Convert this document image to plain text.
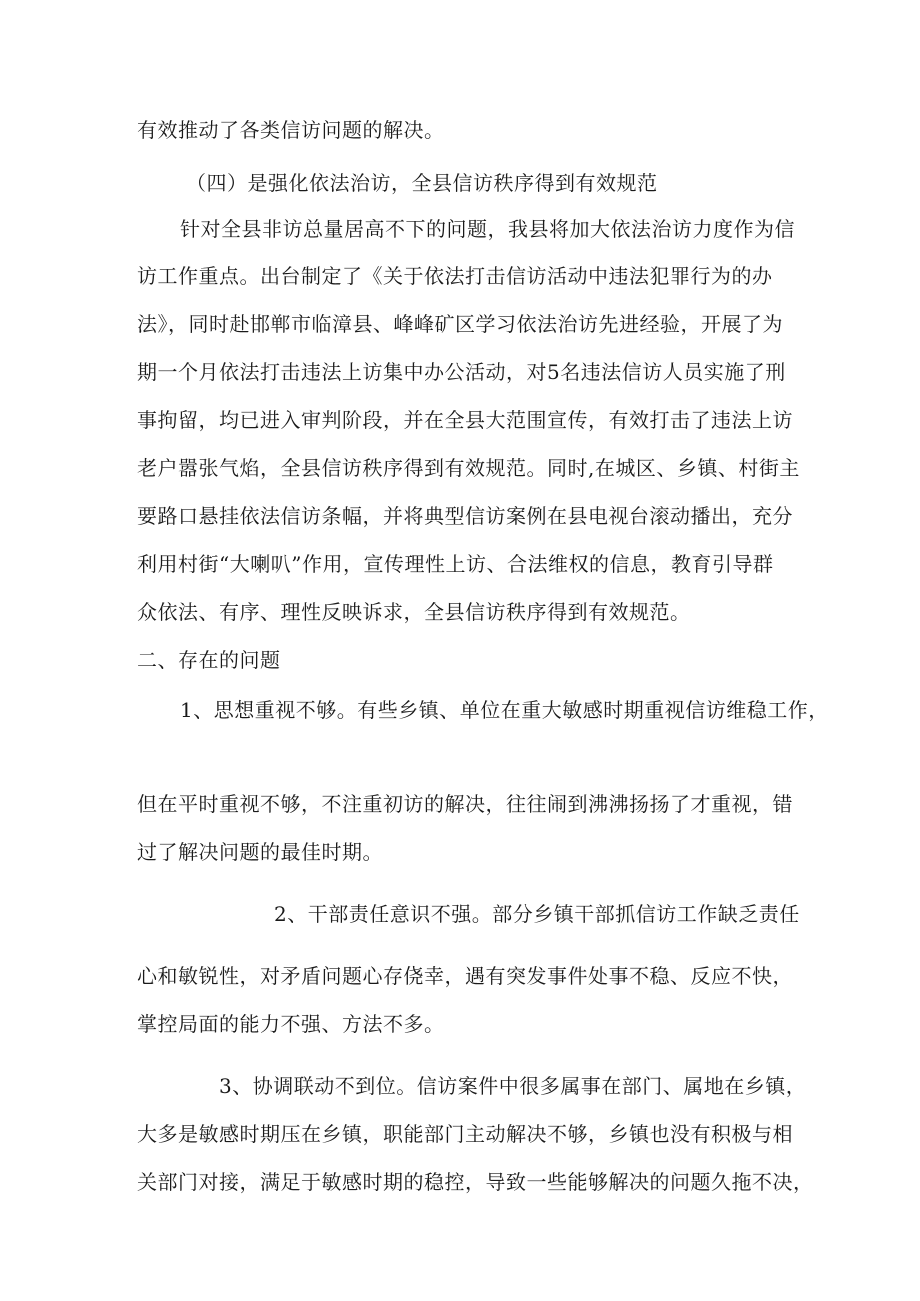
有效推动了各类信访问题的解决。
（四）是强化依法治访，全县信访秩序得到有效规范
针对全县非访总量居高不下的问题，我县将加大依法治访力度作为信
访工作重点。出台制定了《关于依法打击信访活动中违法犯罪行为的办
法》，同时赴邯郸市临漳县、峰峰矿区学习依法治访先进经验，开展了为
期一个月依法打击违法上访集中办公活动，对5名违法信访人员实施了刑
事拘留，均已进入审判阶段，并在全县大范围宣传，有效打击了违法上访
老户嚣张气焰，全县信访秩序得到有效规范。同时,在城区、乡镇、村街主
要路口悬挂依法信访条幅，并将典型信访案例在县电视台滚动播出，充分
利用村街“大喇叭”作用，宣传理性上访、合法维权的信息，教育引导群
众依法、有序、理性反映诉求，全县信访秩序得到有效规范。
二、存在的问题
1、思想重视不够。有些乡镇、单位在重大敏感时期重视信访维稳工作，
但在平时重视不够，不注重初访的解决，往往闹到沸沸扬扬了才重视，错
过了解决问题的最佳时期。
2、干部责任意识不强。部分乡镇干部抓信访工作缺乏责任
心和敏锐性，对矛盾问题心存侥幸，遇有突发事件处事不稳、反应不快，
掌控局面的能力不强、方法不多。
3、协调联动不到位。信访案件中很多属事在部门、属地在乡镇，
大多是敏感时期压在乡镇，职能部门主动解决不够，乡镇也没有积极与相
关部门对接，满足于敏感时期的稳控，导致一些能够解决的问题久拖不决，
